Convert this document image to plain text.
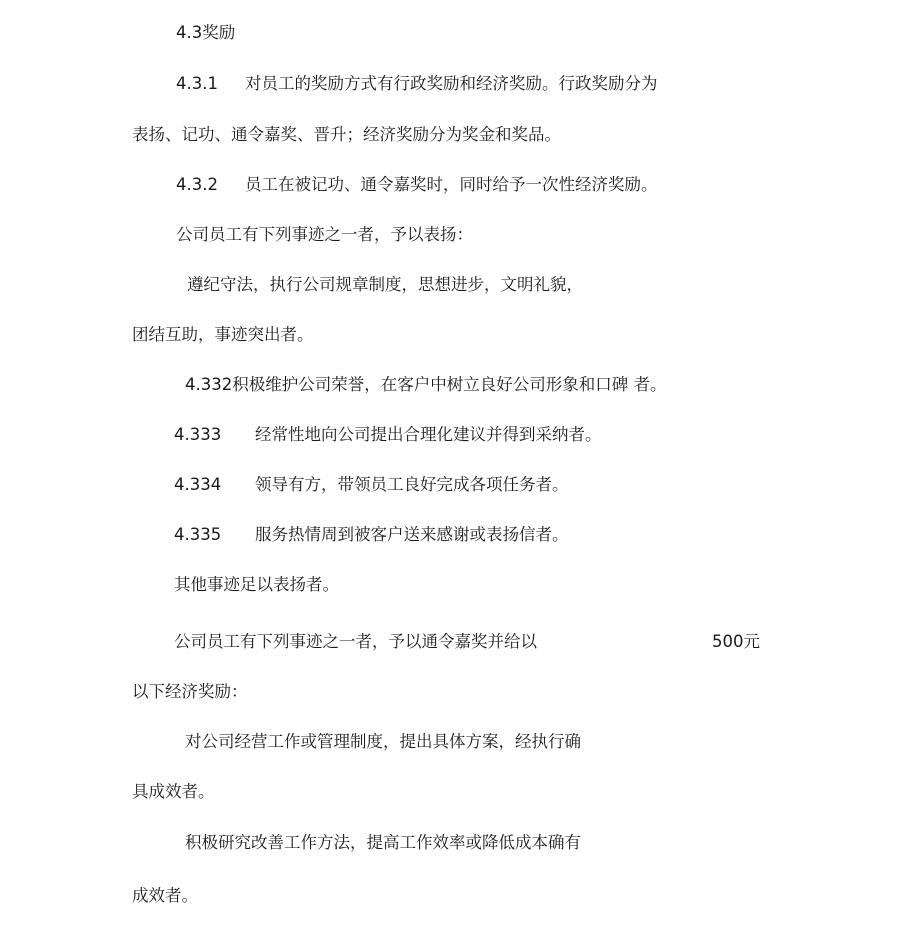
4.3奖励
4.3.1 对员工的奖励方式有行政奖励和经济奖励。行政奖励分为
表扬、记功、通令嘉奖、晋升；经济奖励分为奖金和奖品。
4.3.2 员工在被记功、通令嘉奖时，同时给予一次性经济奖励。
公司员工有下列事迹之一者，予以表扬：
遵纪守法，执行公司规章制度，思想进步，文明礼貌，
团结互助，事迹突出者。
4.332积极维护公司荣誉，在客户中树立良好公司形象和口碑 者。
4.333 经常性地向公司提出合理化建议并得到采纳者。
4.334 领导有方，带领员工良好完成各项任务者。
4.335 服务热情周到被客户送来感谢或表扬信者。
其他事迹足以表扬者。
公司员工有下列事迹之一者，予以通令嘉奖并给以	500元
以下经济奖励：
对公司经营工作或管理制度，提出具体方案，经执行确
具成效者。
积极研究改善工作方法，提高工作效率或降低成本确有
成效者。
